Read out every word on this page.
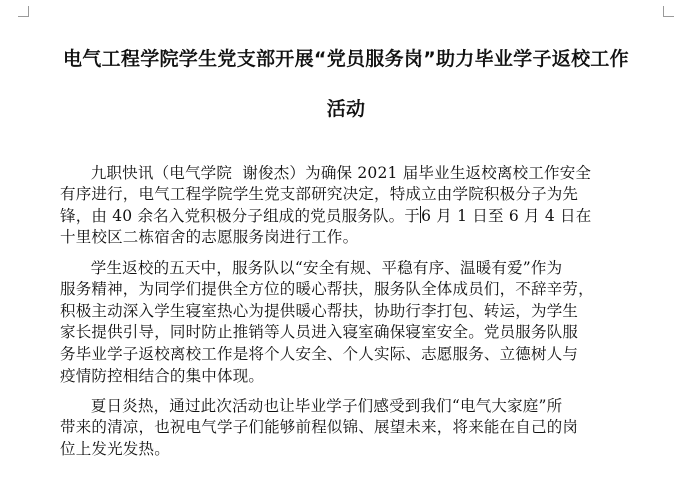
电气工程学院学生党支部开展“党员服务岗”助力毕业学子返校工作
活动

九职快讯（电气学院  谢俊杰）为确保 2021 届毕业生返校离校工作安全
有序进行，电气工程学院学生党支部研究决定，特成立由学院积极分子为先
锋，由 40 余名入党积极分子组成的党员服务队。于6 月 1 日至 6 月 4 日在
十里校区二栋宿舍的志愿服务岗进行工作。

学生返校的五天中，服务队以“安全有规、平稳有序、温暖有爱”作为
服务精神，为同学们提供全方位的暖心帮扶，服务队全体成员们，不辞辛劳，
积极主动深入学生寝室热心为提供暖心帮扶，协助行李打包、转运，为学生
家长提供引导，同时防止推销等人员进入寝室确保寝室安全。党员服务队服
务毕业学子返校离校工作是将个人安全、个人实际、志愿服务、立德树人与
疫情防控相结合的集中体现。

夏日炎热，通过此次活动也让毕业学子们感受到我们“电气大家庭”所
带来的清凉，也祝电气学子们能够前程似锦、展望未来，将来能在自己的岗
位上发光发热。
